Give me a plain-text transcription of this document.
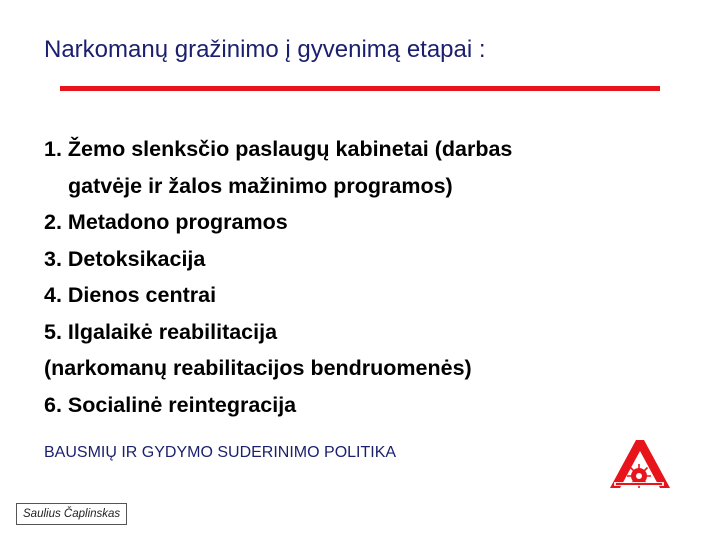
Narkomanų gražinimo į gyvenimą etapai :
1. Žemo slenksčio paslaugų kabinetai (darbas
gatvėje ir žalos mažinimo programos)
2. Metadono programos
3. Detoksikacija
4. Dienos centrai
5. Ilgalaikė reabilitacija
(narkomanų reabilitacijos bendruomenės)
6. Socialinė reintegracija
BAUSMIŲ IR GYDYMO SUDERINIMO POLITIKA
Saulius Čaplinskas
